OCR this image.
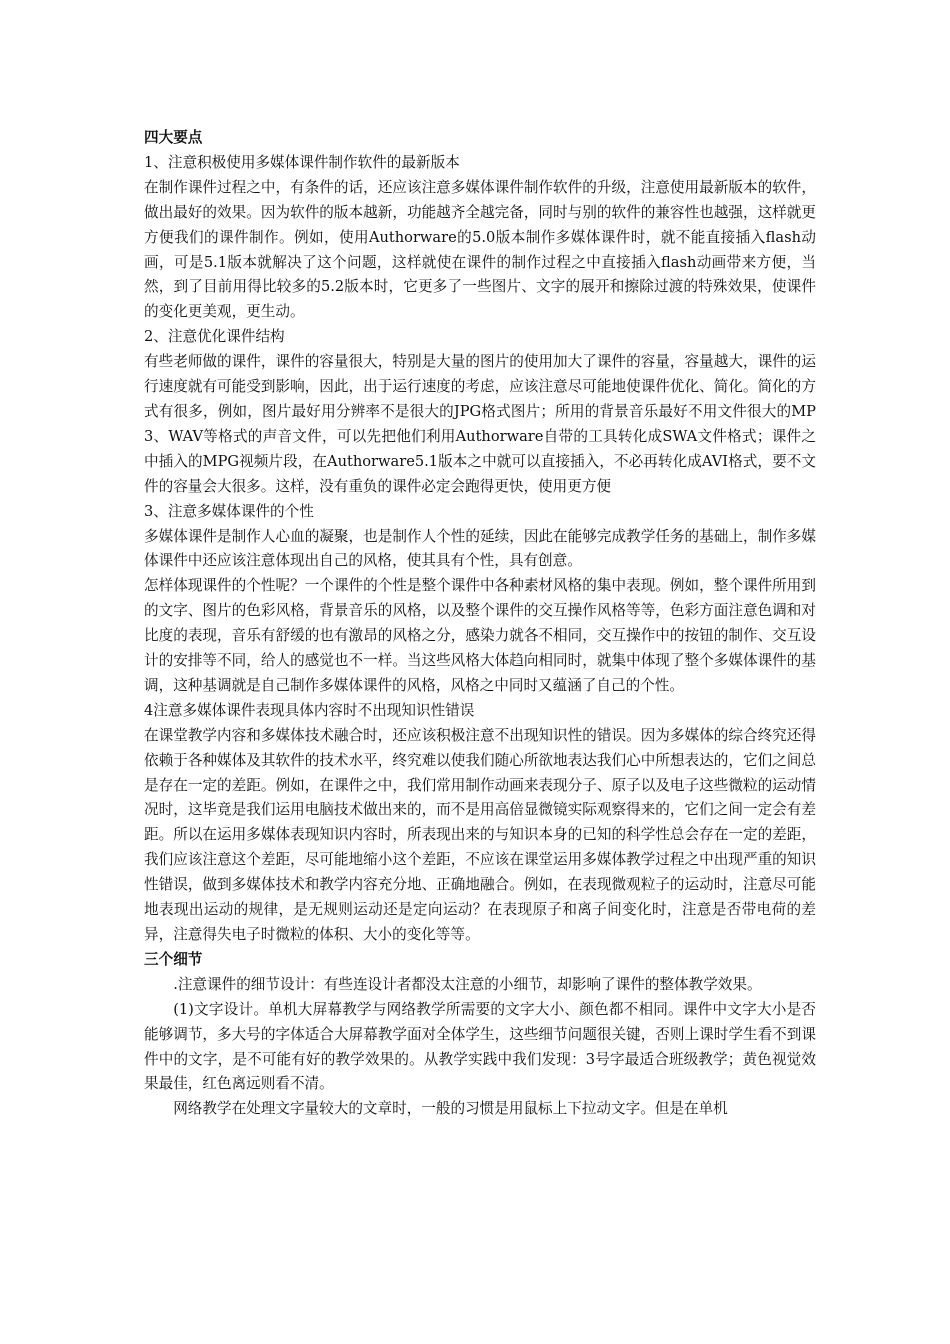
四大要点

1、注意积极使用多媒体课件制作软件的最新版本

在制作课件过程之中，有条件的话，还应该注意多媒体课件制作软件的升级，注意使用最新版本的软件，做出最好的效果。因为软件的版本越新，功能越齐全越完备，同时与别的软件的兼容性也越强，这样就更方便我们的课件制作。例如，使用Authorware的5.0版本制作多媒体课件时，就不能直接插入flash动画，可是5.1版本就解决了这个问题，这样就使在课件的制作过程之中直接插入flash动画带来方便，当然，到了目前用得比较多的5.2版本时，它更多了一些图片、文字的展开和擦除过渡的特殊效果，使课件的变化更美观，更生动。

2、注意优化课件结构

有些老师做的课件，课件的容量很大，特别是大量的图片的使用加大了课件的容量，容量越大，课件的运行速度就有可能受到影响，因此，出于运行速度的考虑，应该注意尽可能地使课件优化、简化。简化的方式有很多，例如，图片最好用分辨率不是很大的JPG格式图片；所用的背景音乐最好不用文件很大的MP3、WAV等格式的声音文件，可以先把他们利用Authorware自带的工具转化成SWA文件格式；课件之中插入的MPG视频片段，在Authorware5.1版本之中就可以直接插入，不必再转化成AVI格式，要不文件的容量会大很多。这样，没有重负的课件必定会跑得更快，使用更方便

3、注意多媒体课件的个性

多媒体课件是制作人心血的凝聚，也是制作人个性的延续，因此在能够完成教学任务的基础上，制作多媒体课件中还应该注意体现出自己的风格，使其具有个性，具有创意。

怎样体现课件的个性呢？一个课件的个性是整个课件中各种素材风格的集中表现。例如，整个课件所用到的文字、图片的色彩风格，背景音乐的风格，以及整个课件的交互操作风格等等，色彩方面注意色调和对比度的表现，音乐有舒缓的也有激昂的风格之分，感染力就各不相同，交互操作中的按钮的制作、交互设计的安排等不同，给人的感觉也不一样。当这些风格大体趋向相同时，就集中体现了整个多媒体课件的基调，这种基调就是自己制作多媒体课件的风格，风格之中同时又蕴涵了自己的个性。

4注意多媒体课件表现具体内容时不出现知识性错误

在课堂教学内容和多媒体技术融合时，还应该积极注意不出现知识性的错误。因为多媒体的综合终究还得依赖于各种媒体及其软件的技术水平，终究难以使我们随心所欲地表达我们心中所想表达的，它们之间总是存在一定的差距。例如，在课件之中，我们常用制作动画来表现分子、原子以及电子这些微粒的运动情况时，这毕竟是我们运用电脑技术做出来的，而不是用高倍显微镜实际观察得来的，它们之间一定会有差距。所以在运用多媒体表现知识内容时，所表现出来的与知识本身的已知的科学性总会存在一定的差距，我们应该注意这个差距，尽可能地缩小这个差距，不应该在课堂运用多媒体教学过程之中出现严重的知识性错误，做到多媒体技术和教学内容充分地、正确地融合。例如，在表现微观粒子的运动时，注意尽可能地表现出运动的规律，是无规则运动还是定向运动？在表现原子和离子间变化时，注意是否带电荷的差异，注意得失电子时微粒的体积、大小的变化等等。

三个细节

.注意课件的细节设计：有些连设计者都没太注意的小细节，却影响了课件的整体教学效果。

(1)文字设计。单机大屏幕教学与网络教学所需要的文字大小、颜色都不相同。课件中文字大小是否能够调节，多大号的字体适合大屏幕教学面对全体学生，这些细节问题很关键，否则上课时学生看不到课件中的文字，是不可能有好的教学效果的。从教学实践中我们发现：3号字最适合班级教学；黄色视觉效果最佳，红色离远则看不清。

网络教学在处理文字量较大的文章时，一般的习惯是用鼠标上下拉动文字。但是在单机
